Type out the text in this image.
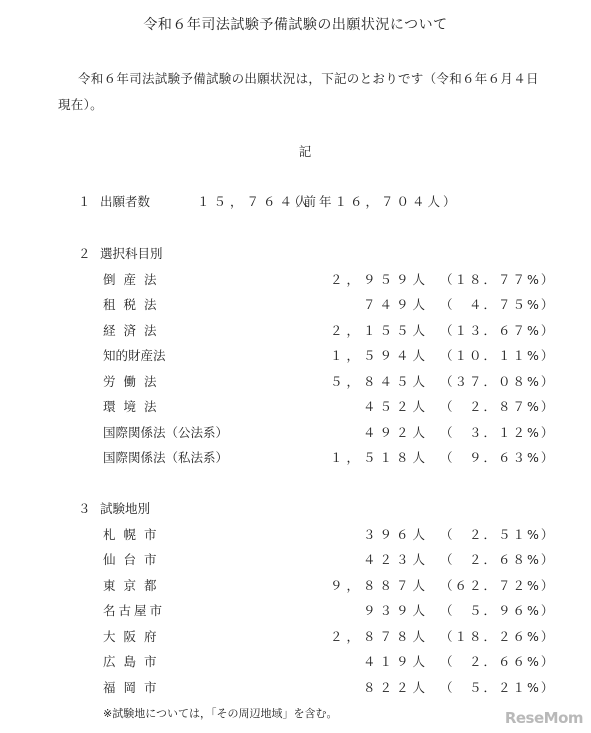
令和６年司法試験予備試験の出願状況について
令和６年司法試験予備試験の出願状況は，下記のとおりです（令和６年６月４日

現在）。
記
１ 出願者数	１５，７６４人
（前年１６，７０４人）
２ 選択科目別
倒産法	２，９５９人 （１８．７７%）
租税法	７４９人 （　４．７５%）
経済法	２，１５５人 （１３．６７%）
知的財産法	１，５９４人 （１０．１１%）
労働法	５，８４５人 （３７．０８%）
環境法	４５２人 （　２．８７%）
国際関係法（公法系）	４９２人 （　３．１２%）
国際関係法（私法系）	１，５１８人 （　９．６３%）
３ 試験地別
札幌市	３９６人 （　２．５１%）
仙台市	４２３人 （　２．６８%）
東京都	９，８８７人 （６２．７２%）
名古屋市	９３９人 （　５．９６%）
大阪府	２，８７８人 （１８．２６%）
広島市	４１９人 （　２．６６%）
福岡市	８２２人 （　５．２１%）
※試験地については，「その周辺地域」を含む。	ReseMom
